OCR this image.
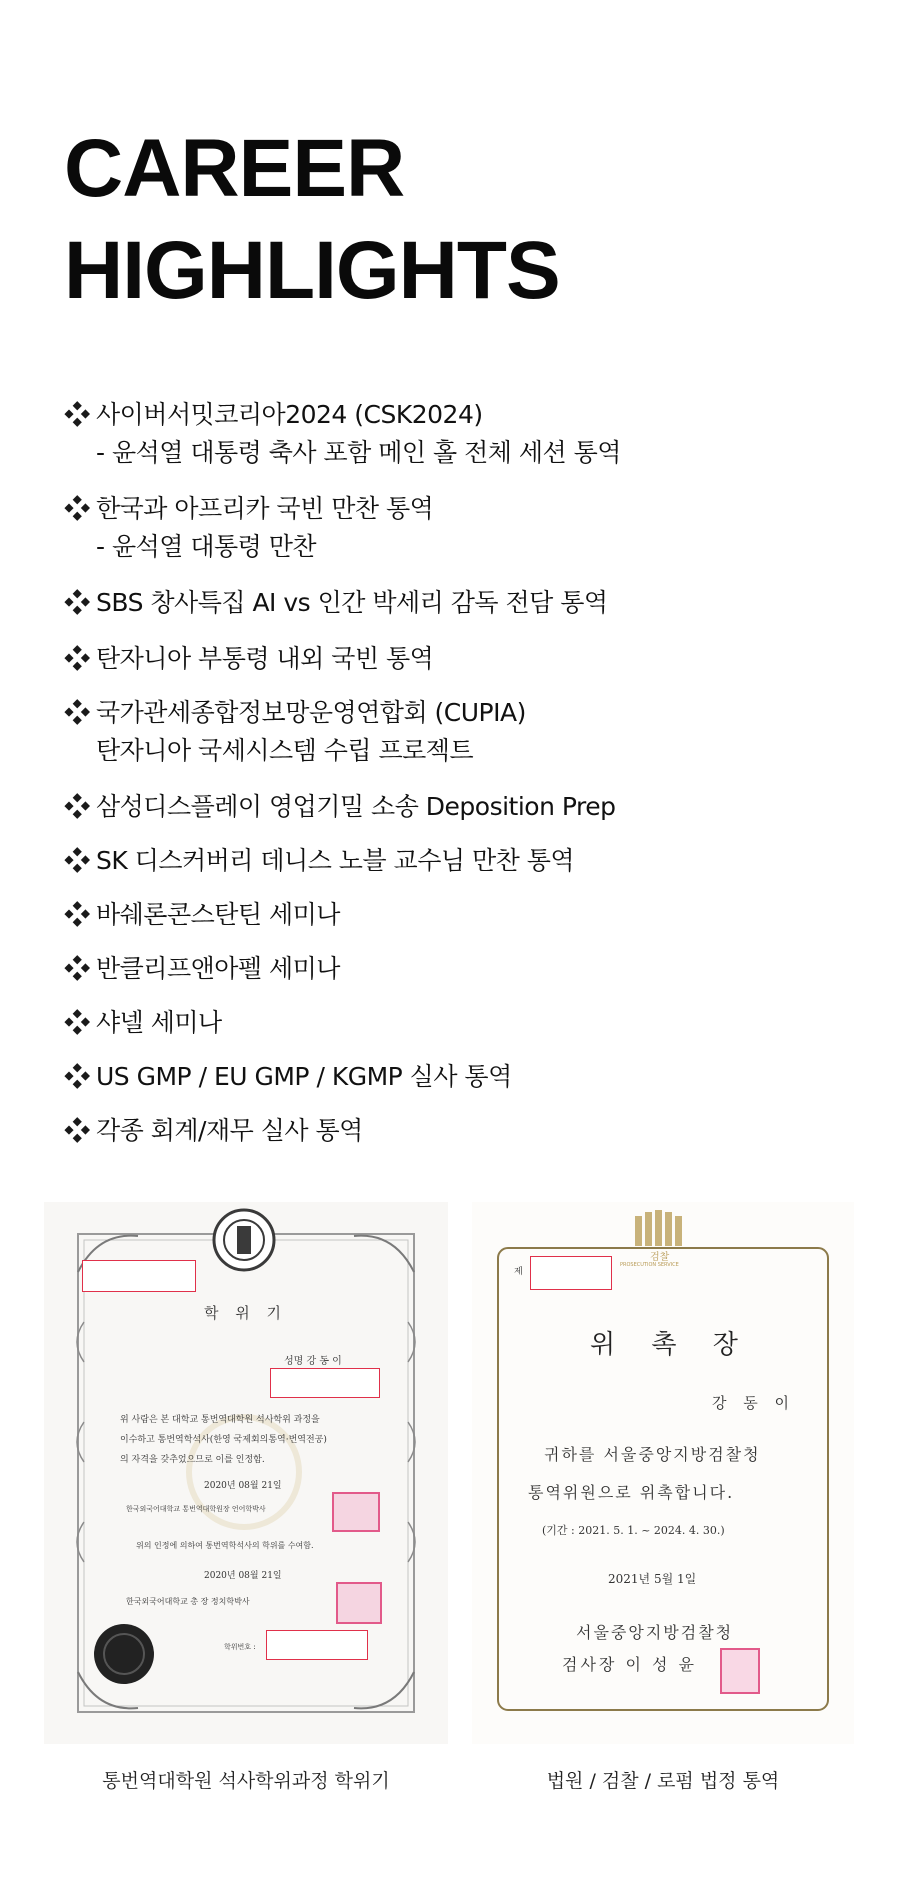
CAREER
HIGHLIGHTS
사이버서밋코리아2024 (CSK2024)
- 윤석열 대통령 축사 포함 메인 홀 전체 세션 통역
한국과 아프리카 국빈 만찬 통역
- 윤석열 대통령 만찬
SBS 창사특집 AI vs 인간 박세리 감독 전담 통역
탄자니아 부통령 내외 국빈 통역
국가관세종합정보망운영연합회 (CUPIA)
탄자니아 국세시스템 수립 프로젝트
삼성디스플레이 영업기밀 소송 Deposition Prep
SK 디스커버리 데니스 노블 교수님 만찬 통역
바쉐론콘스탄틴 세미나
반클리프앤아펠 세미나
샤넬 세미나
US GMP / EU GMP / KGMP 실사 통역
각종 회계/재무 실사 통역
학 위 기
성명 강 동 이
위 사람은 본 대학교 통번역대학원 석사학위 과정을
이수하고 통번역학석사(한영 국제회의통역·번역전공)
의 자격을 갖추었으므로 이를 인정함.
2020년 08월 21일
한국외국어대학교 통번역대학원장 언어학박사
위의 인정에 의하여 통번역학석사의 학위를 수여함.
2020년 08월 21일
한국외국어대학교 총 장 정치학박사
학위번호 :
통번역대학원 석사학위과정 학위기
검찰
PROSECUTION SERVICE
제
위 촉 장
강 동 이
귀하를 서울중앙지방검찰청
통역위원으로 위촉합니다.
(기간 : 2021. 5. 1. ~ 2024. 4. 30.)
2021년 5월 1일
서울중앙지방검찰청
검사장 이 성 윤
법원 / 검찰 / 로펌 법정 통역
